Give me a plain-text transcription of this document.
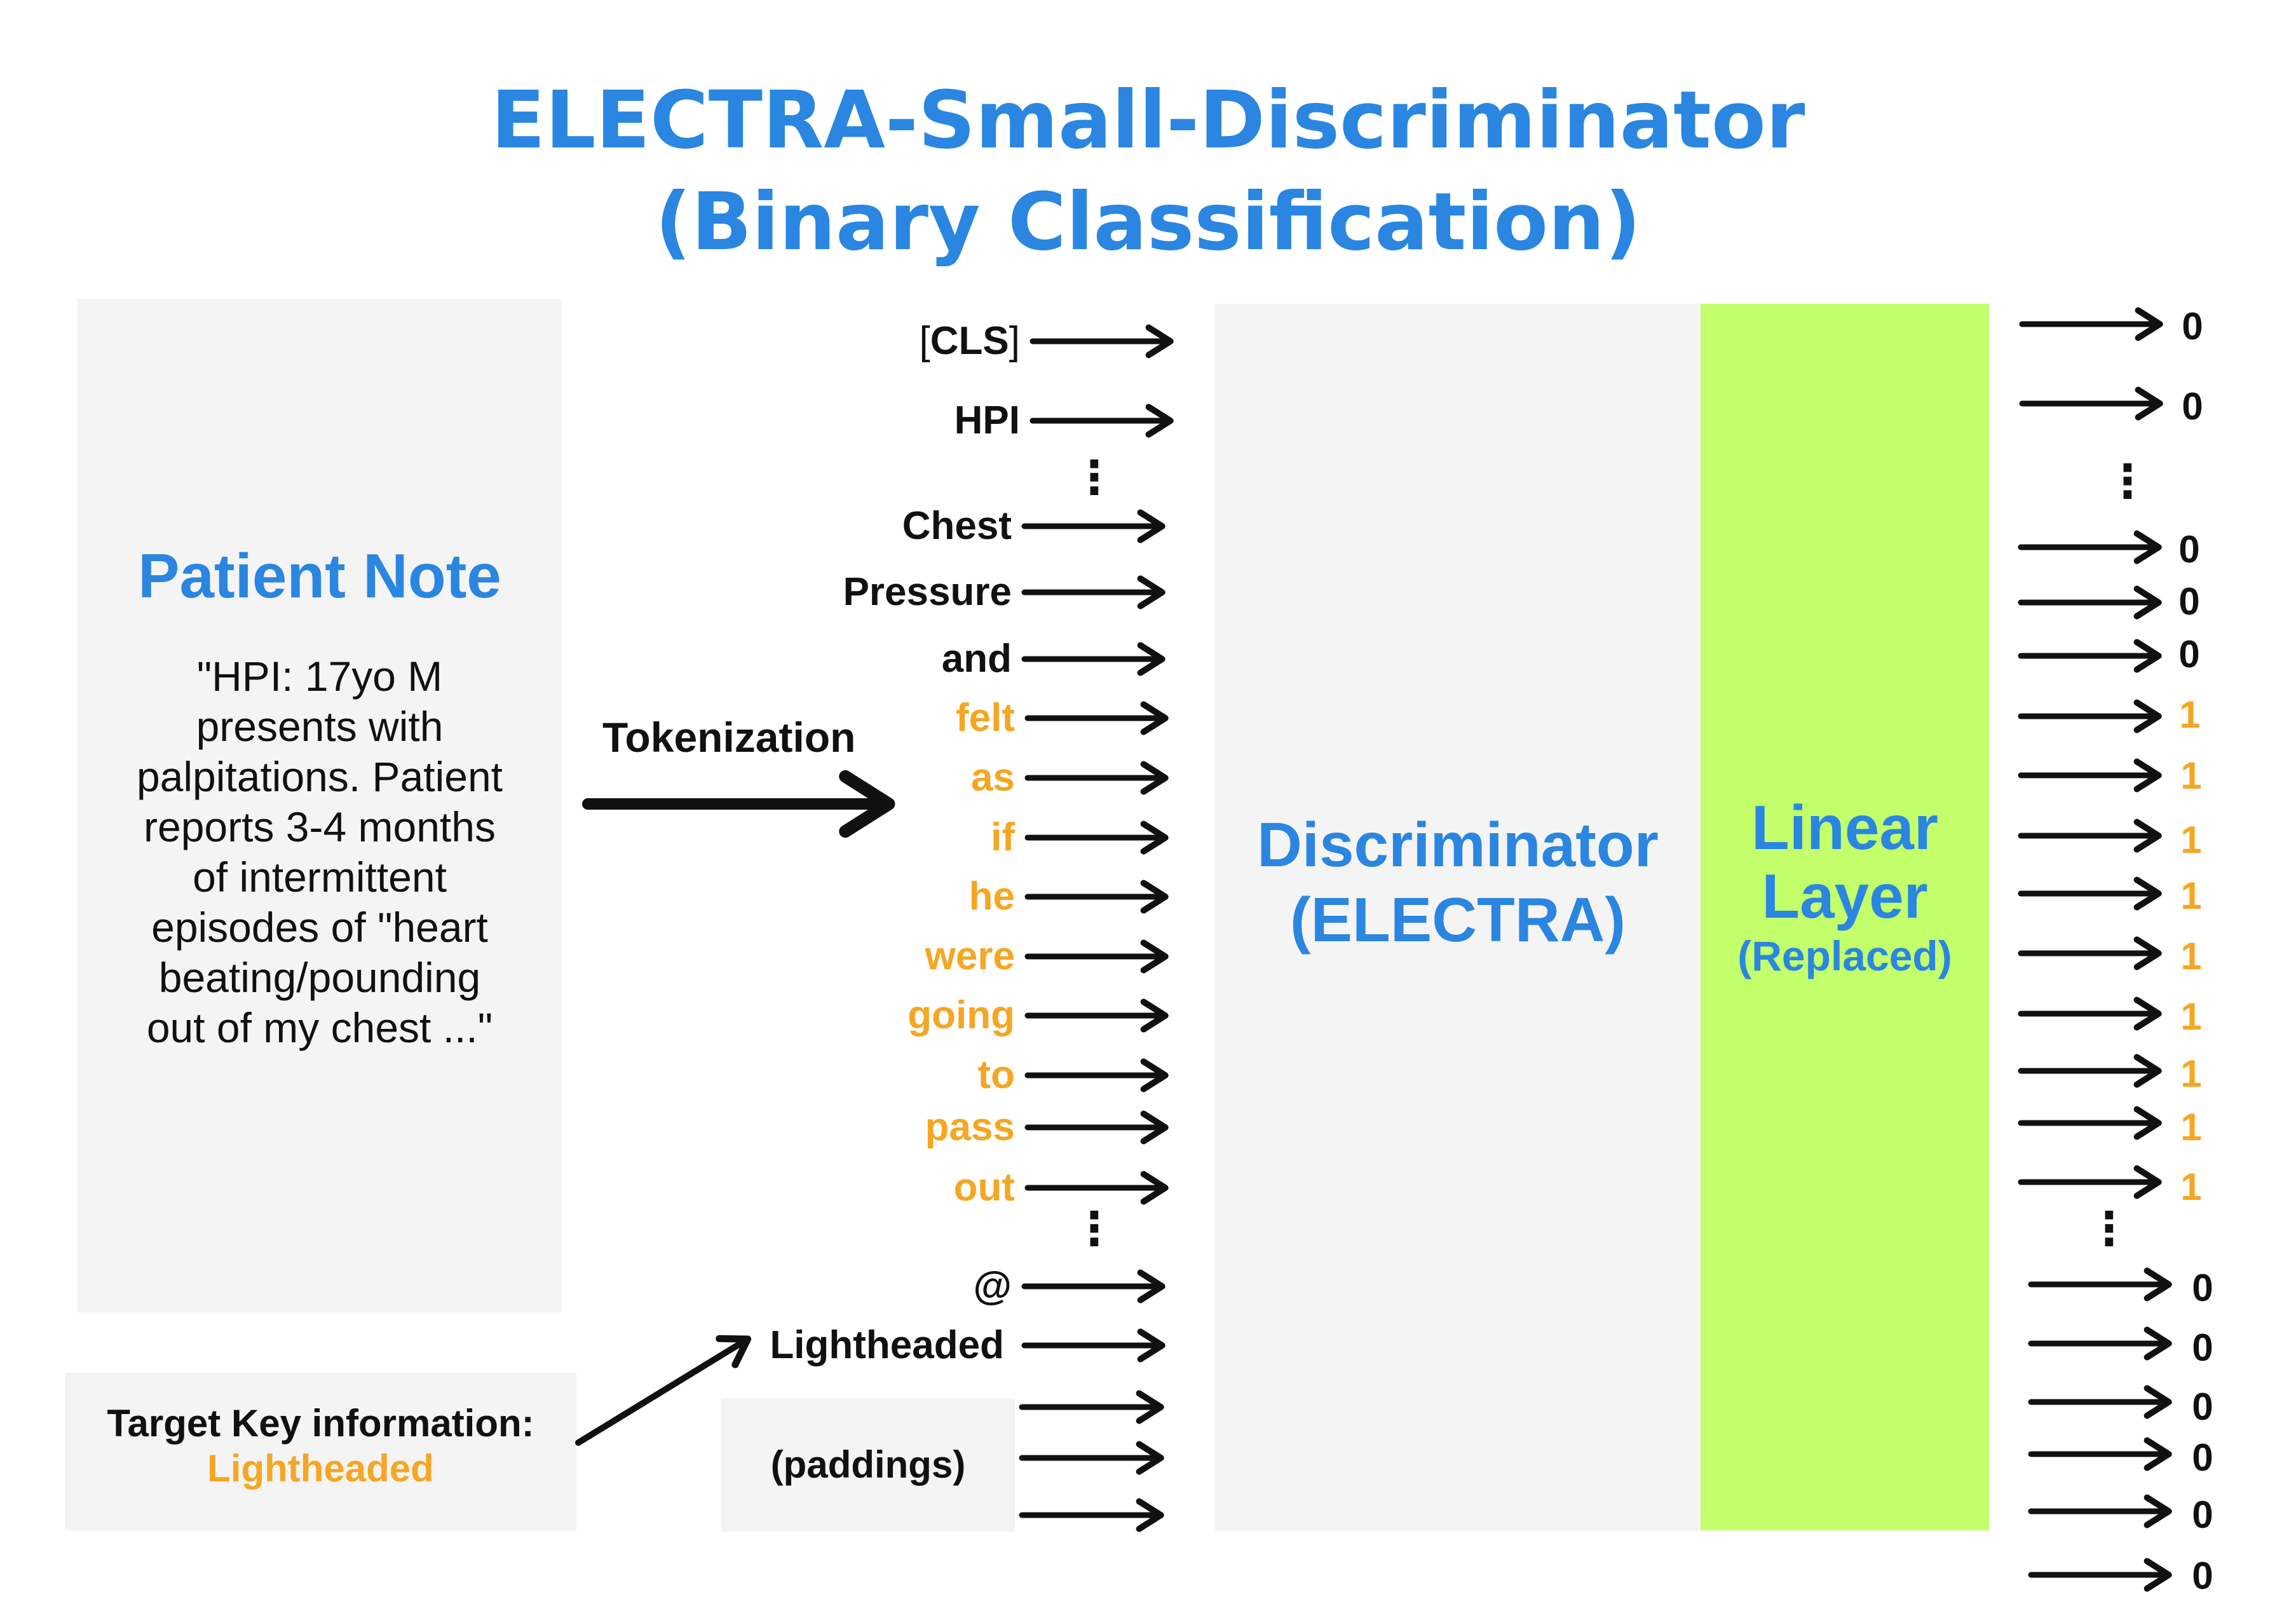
ELECTRA-Small-Discriminator
(Binary Classification)
Patient Note
"HPI: 17yo M
presents with
palpitations. Patient
reports 3-4 months
of intermittent
episodes of "heart
beating/pounding
out of my chest ..."
Target Key information:
Lightheaded	(paddings)
Tokenization
Discriminator
(ELECTRA)
Linear
Layer
(Replaced)
[CLS]
HPI
Chest
Pressure
and
felt
as
if
he
were
going
to
pass
out
@
Lightheaded
0
0
0
0
0
1
1
1
1
1
1
1
1
1
0
0
0
0
0
0
⋮
⋮
⋮
⋮
